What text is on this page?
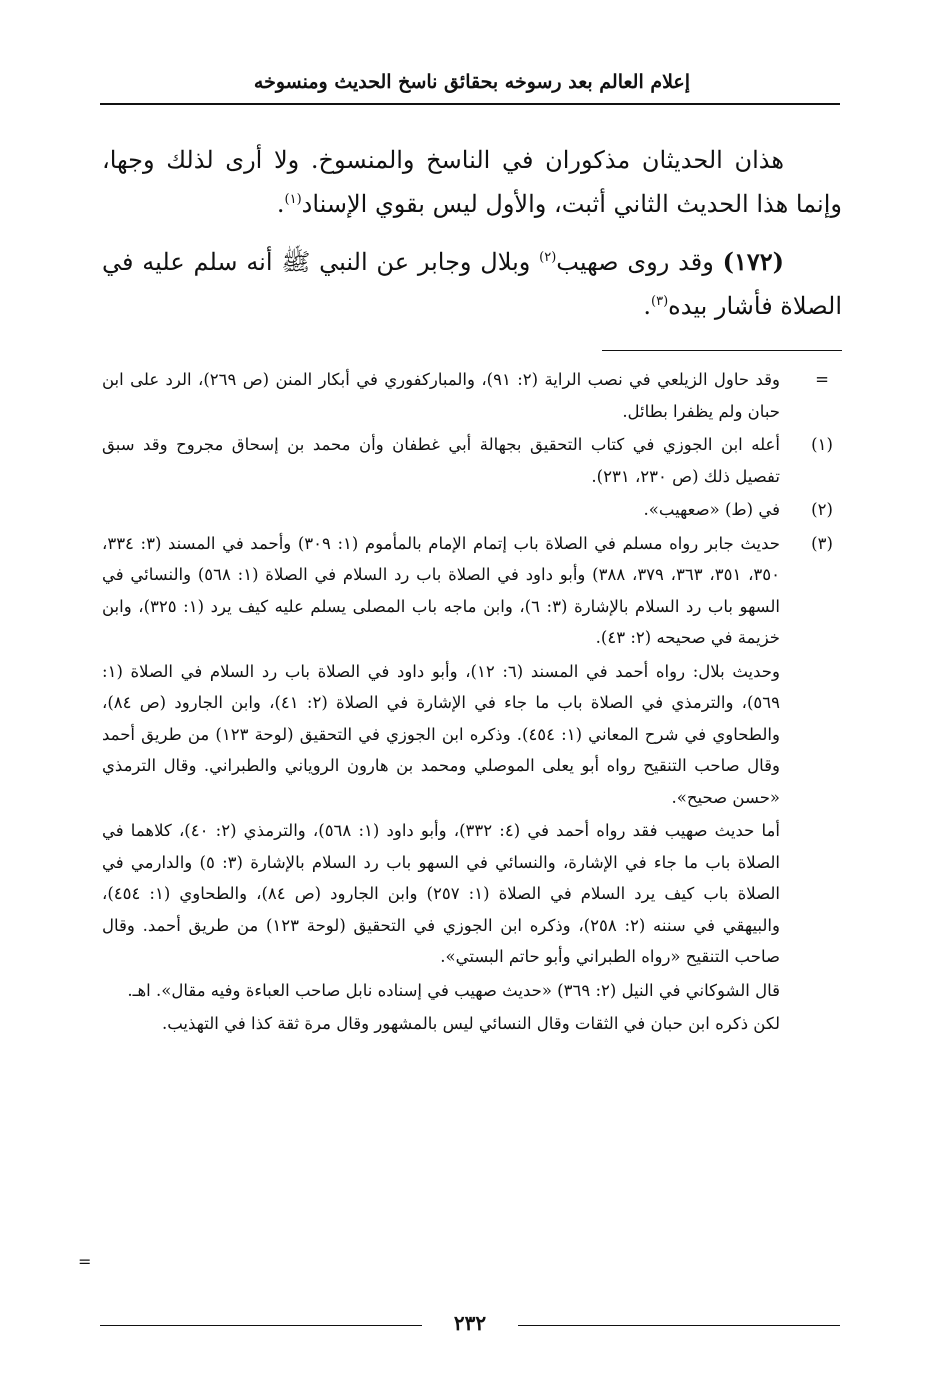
إعلام العالم بعد رسوخه بحقائق ناسخ الحديث ومنسوخه

هذان الحديثان مذكوران في الناسخ والمنسوخ. ولا أرى لذلك وجها، وإنما هذا الحديث الثاني أثبت، والأول ليس بقوي الإسناد$^{(١)}$.

(١٧٢) وقد روى صهيب$^{(٢)}$ وبلال وجابر عن النبي ﷺ أنه سلم عليه في الصلاة فأشار بيده$^{(٣)}$.

=
وقد حاول الزيلعي في نصب الراية (٢: ٩١)، والمباركفوري في أبكار المنن (ص ٢٦٩)، الرد على ابن حبان ولم يظفرا بطائل.
(١)
أعله ابن الجوزي في كتاب التحقيق بجهالة أبي غطفان وأن محمد بن إسحاق مجروح وقد سبق تفصيل ذلك (ص ٢٣٠، ٢٣١).
(٢)
في (ط) «صعهيب».
(٣)
حديث جابر رواه مسلم في الصلاة باب إتمام الإمام بالمأموم (١: ٣٠٩) وأحمد في المسند (٣: ٣٣٤، ٣٥٠، ٣٥١، ٣٦٣، ٣٧٩، ٣٨٨) وأبو داود في الصلاة باب رد السلام في الصلاة (١: ٥٦٨) والنسائي في السهو باب رد السلام بالإشارة (٣: ٦)، وابن ماجه باب المصلى يسلم عليه كيف يرد (١: ٣٢٥)، وابن خزيمة في صحيحه (٢: ٤٣).
وحديث بلال: رواه أحمد في المسند (٦: ١٢)، وأبو داود في الصلاة باب رد السلام في الصلاة (١: ٥٦٩)، والترمذي في الصلاة باب ما جاء في الإشارة في الصلاة (٢: ٤١)، وابن الجارود (ص ٨٤)، والطحاوي في شرح المعاني (١: ٤٥٤). وذكره ابن الجوزي في التحقيق (لوحة ١٢٣) من طريق أحمد وقال صاحب التنقيح رواه أبو يعلى الموصلي ومحمد بن هارون الروياني والطبراني. وقال الترمذي «حسن صحيح».
أما حديث صهيب فقد رواه أحمد في (٤: ٣٣٢)، وأبو داود (١: ٥٦٨)، والترمذي (٢: ٤٠)، كلاهما في الصلاة باب ما جاء في الإشارة، والنسائي في السهو باب رد السلام بالإشارة (٣: ٥) والدارمي في الصلاة باب كيف يرد السلام في الصلاة (١: ٢٥٧) وابن الجارود (ص ٨٤)، والطحاوي (١: ٤٥٤)، والبيهقي في سننه (٢: ٢٥٨)، وذكره ابن الجوزي في التحقيق (لوحة ١٢٣) من طريق أحمد. وقال صاحب التنقيح «رواه الطبراني وأبو حاتم البستي».
قال الشوكاني في النيل (٢: ٣٦٩) «حديث صهيب في إسناده نابل صاحب العباءة وفيه مقال». اهـ.
لكن ذكره ابن حبان في الثقات وقال النسائي ليس بالمشهور وقال مرة ثقة كذا في التهذيب.
=
٢٣٢
